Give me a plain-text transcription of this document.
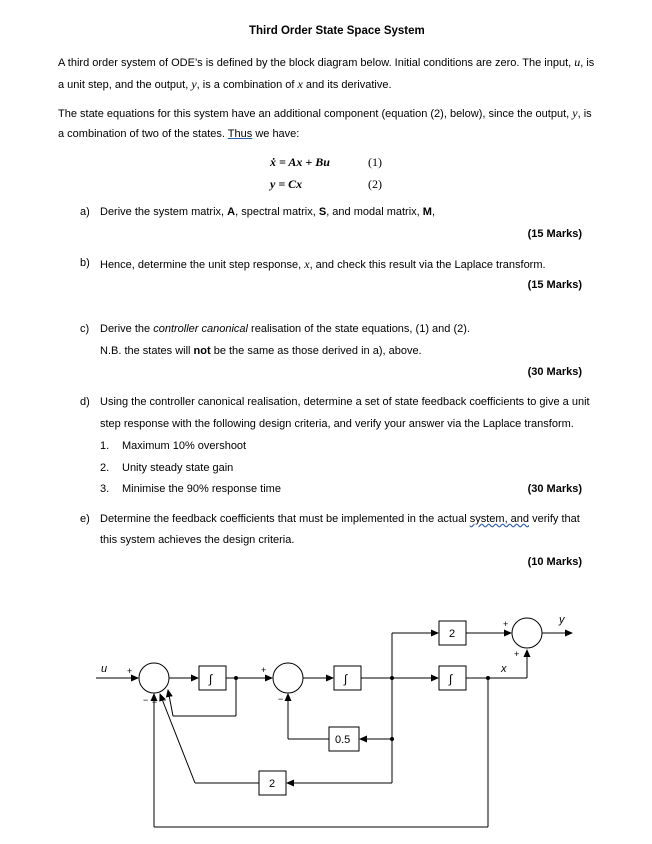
Third Order State Space System
A third order system of ODE’s is defined by the block diagram below. Initial conditions are zero. The input, u, is
a unit step, and the output, y, is a combination of x and its derivative.
The state equations for this system have an additional component (equation (2), below), since the output, y, is
a combination of two of the states. Thus we have:
ẋ = Ax + Bu	(1)
y = Cx	(2)
a) Derive the system matrix, A, spectral matrix, S, and modal matrix, M,
(15 Marks)
b) Hence, determine the unit step response, x, and check this result via the Laplace transform.
(15 Marks)
c) Derive the controller canonical realisation of the state equations, (1) and (2).
N.B. the states will not be the same as those derived in a), above.
(30 Marks)
d) Using the controller canonical realisation, determine a set of state feedback coefficients to give a unit
step response with the following design criteria, and verify your answer via the Laplace transform.
1. Maximum 10% overshoot
2. Unity steady state gain
3. Minimise the 90% response time	(30 Marks)
e) Determine the feedback coefficients that must be implemented in the actual system, and verify that
this system achieves the design criteria.
(10 Marks)
u
y
x
∫	∫	∫
2
0.5
2
+
− − −
+
−
+
+
